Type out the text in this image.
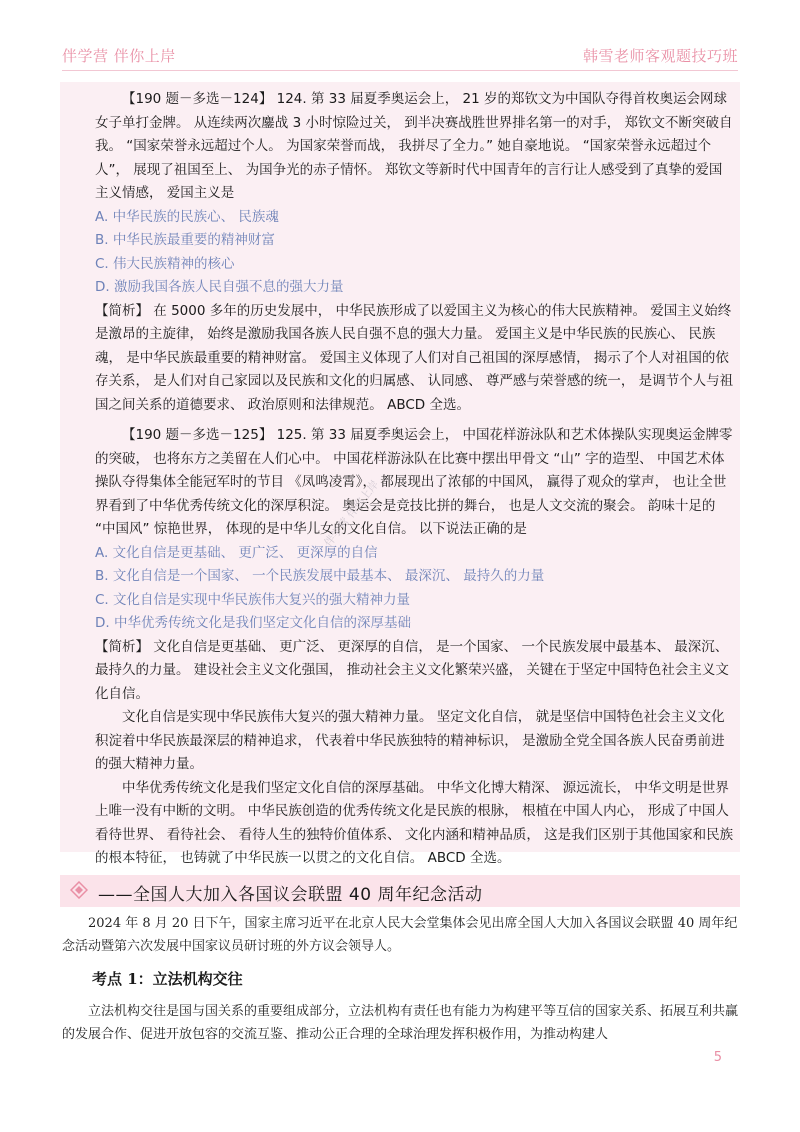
伴学营 伴你上岸	韩雪老师客观题技巧班

【190 题－多选－124】 124. 第 33 届夏季奥运会上， 21 岁的郑钦文为中国队夺得首枚奥运会网球女子单打金牌。 从连续两次鏖战 3 小时惊险过关， 到半决赛战胜世界排名第一的对手， 郑钦文不断突破自我。 “国家荣誉永远超过个人。 为国家荣誉而战， 我拼尽了全力。” 她自豪地说。 “国家荣誉永远超过个人”， 展现了祖国至上、 为国争光的赤子情怀。 郑钦文等新时代中国青年的言行让人感受到了真挚的爱国主义情感， 爱国主义是

A. 中华民族的民族心、 民族魂

B. 中华民族最重要的精神财富

C. 伟大民族精神的核心

D. 激励我国各族人民自强不息的强大力量

【简析】 在 5000 多年的历史发展中， 中华民族形成了以爱国主义为核心的伟大民族精神。 爱国主义始终是激昂的主旋律， 始终是激励我国各族人民自强不息的强大力量。 爱国主义是中华民族的民族心、 民族魂， 是中华民族最重要的精神财富。 爱国主义体现了人们对自己祖国的深厚感情， 揭示了个人对祖国的依存关系， 是人们对自己家园以及民族和文化的归属感、 认同感、 尊严感与荣誉感的统一， 是调节个人与祖国之间关系的道德要求、 政治原则和法律规范。 ABCD 全选。

【190 题－多选－125】 125. 第 33 届夏季奥运会上， 中国花样游泳队和艺术体操队实现奥运金牌零的突破， 也将东方之美留在人们心中。 中国花样游泳队在比赛中摆出甲骨文 “山” 字的造型、 中国艺术体操队夺得集体全能冠军时的节目 《凤鸣凌霄》， 都展现出了浓郁的中国风， 赢得了观众的掌声， 也让全世界看到了中华优秀传统文化的深厚积淀。 奥运会是竞技比拼的舞台， 也是人文交流的聚会。 韵味十足的 “中国风” 惊艳世界， 体现的是中华儿女的文化自信。 以下说法正确的是

A. 文化自信是更基础、 更广泛、 更深厚的自信

B. 文化自信是一个国家、 一个民族发展中最基本、 最深沉、 最持久的力量

C. 文化自信是实现中华民族伟大复兴的强大精神力量

D. 中华优秀传统文化是我们坚定文化自信的深厚基础

【简析】 文化自信是更基础、 更广泛、 更深厚的自信， 是一个国家、 一个民族发展中最基本、 最深沉、 最持久的力量。 建设社会主义文化强国， 推动社会主义文化繁荣兴盛， 关键在于坚定中国特色社会主义文化自信。

文化自信是实现中华民族伟大复兴的强大精神力量。 坚定文化自信， 就是坚信中国特色社会主义文化积淀着中华民族最深层的精神追求， 代表着中华民族独特的精神标识， 是激励全党全国各族人民奋勇前进的强大精神力量。

中华优秀传统文化是我们坚定文化自信的深厚基础。 中华文化博大精深、 源远流长， 中华文明是世界上唯一没有中断的文明。 中华民族创造的优秀传统文化是民族的根脉， 根植在中国人内心， 形成了中国人看待世界、 看待社会、 看待人生的独特价值体系、 文化内涵和精神品质， 这是我们区别于其他国家和民族的根本特征， 也铸就了中华民族一以贯之的文化自信。 ABCD 全选。

伴学营 伴你上岸
——全国人大加入各国议会联盟 40 周年纪念活动
2024 年 8 月 20 日下午，国家主席习近平在北京人民大会堂集体会见出席全国人大加入各国议会联盟 40 周年纪念活动暨第六次发展中国家议员研讨班的外方议会领导人。
考点 1：立法机构交往
立法机构交往是国与国关系的重要组成部分，立法机构有责任也有能力为构建平等互信的国家关系、拓展互利共赢的发展合作、促进开放包容的交流互鉴、推动公正合理的全球治理发挥积极作用，为推动构建人
5
